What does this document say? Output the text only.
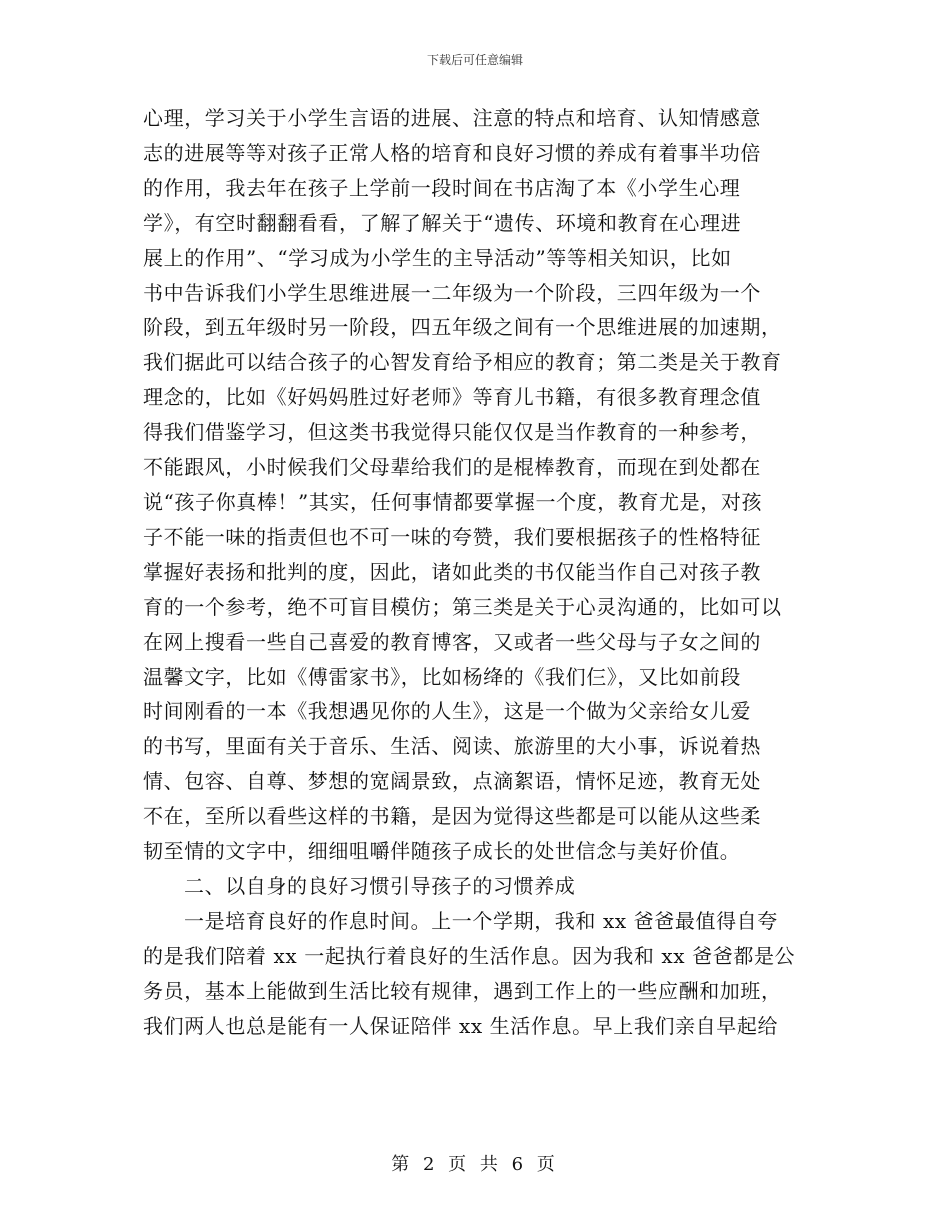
下载后可任意编辑
心理，学习关于小学生言语的进展、注意的特点和培育、认知情感意
志的进展等等对孩子正常人格的培育和良好习惯的养成有着事半功倍
的作用，我去年在孩子上学前一段时间在书店淘了本《小学生心理
学》，有空时翻翻看看，了解了解关于“遗传、环境和教育在心理进
展上的作用”、“学习成为小学生的主导活动”等等相关知识，比如
书中告诉我们小学生思维进展一二年级为一个阶段，三四年级为一个
阶段，到五年级时另一阶段，四五年级之间有一个思维进展的加速期，
我们据此可以结合孩子的心智发育给予相应的教育；第二类是关于教育
理念的，比如《好妈妈胜过好老师》等育儿书籍，有很多教育理念值
得我们借鉴学习，但这类书我觉得只能仅仅是当作教育的一种参考，
不能跟风，小时候我们父母辈给我们的是棍棒教育，而现在到处都在
说“孩子你真棒！”其实，任何事情都要掌握一个度，教育尤是，对孩
子不能一味的指责但也不可一味的夸赞，我们要根据孩子的性格特征
掌握好表扬和批判的度，因此，诸如此类的书仅能当作自己对孩子教
育的一个参考，绝不可盲目模仿；第三类是关于心灵沟通的，比如可以
在网上搜看一些自己喜爱的教育博客，又或者一些父母与子女之间的
温馨文字，比如《傅雷家书》，比如杨绛的《我们仨》，又比如前段
时间刚看的一本《我想遇见你的人生》，这是一个做为父亲给女儿爱
的书写，里面有关于音乐、生活、阅读、旅游里的大小事，诉说着热
情、包容、自尊、梦想的宽阔景致，点滴絮语，情怀足迹，教育无处
不在，至所以看些这样的书籍，是因为觉得这些都是可以能从这些柔
韧至情的文字中，细细咀嚼伴随孩子成长的处世信念与美好价值。
二、以自身的良好习惯引导孩子的习惯养成
一是培育良好的作息时间。上一个学期，我和 xx 爸爸最值得自夸
的是我们陪着 xx 一起执行着良好的生活作息。因为我和 xx 爸爸都是公
务员，基本上能做到生活比较有规律，遇到工作上的一些应酬和加班，
我们两人也总是能有一人保证陪伴 xx 生活作息。早上我们亲自早起给
第 2 页 共 6 页
